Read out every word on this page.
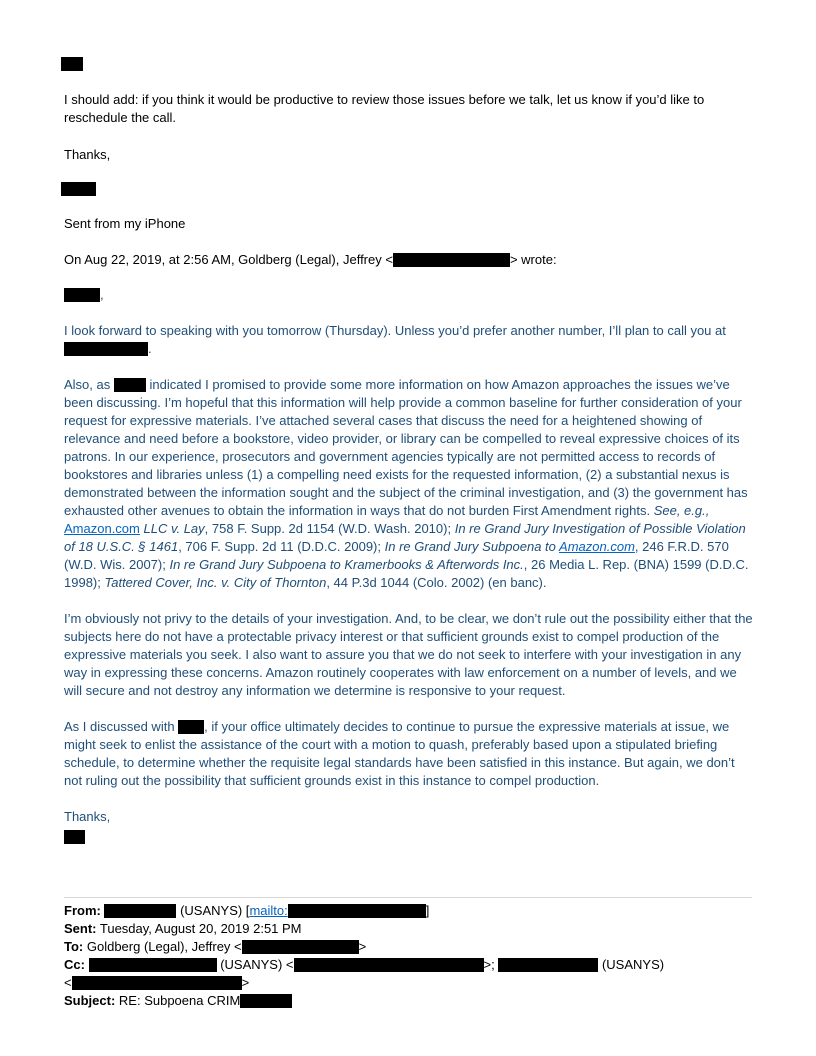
I should add: if you think it would be productive to review those issues before we talk, let us know if you’d like to reschedule the call.

Thanks,

Sent from my iPhone

On Aug 22, 2019, at 2:56 AM, Goldberg (Legal), Jeffrey <	> wrote:

,

I look forward to speaking with you tomorrow (Thursday). Unless you’d prefer another number, I’ll plan to call you at .

Also, as  indicated I promised to provide some more information on how Amazon approaches the issues we’ve been discussing. I’m hopeful that this information will help provide a common baseline for further consideration of your request for expressive materials. I’ve attached several cases that discuss the need for a heightened showing of relevance and need before a bookstore, video provider, or library can be compelled to reveal expressive choices of its patrons. In our experience, prosecutors and government agencies typically are not permitted access to records of bookstores and libraries unless (1) a compelling need exists for the requested information, (2) a substantial nexus is demonstrated between the information sought and the subject of the criminal investigation, and (3) the government has exhausted other avenues to obtain the information in ways that do not burden First Amendment rights. See, e.g., Amazon.com LLC v. Lay, 758 F. Supp. 2d 1154 (W.D. Wash. 2010); In re Grand Jury Investigation of Possible Violation of 18 U.S.C. § 1461, 706 F. Supp. 2d 11 (D.D.C. 2009); In re Grand Jury Subpoena to Amazon.com, 246 F.R.D. 570 (W.D. Wis. 2007); In re Grand Jury Subpoena to Kramerbooks & Afterwords Inc., 26 Media L. Rep. (BNA) 1599 (D.D.C. 1998); Tattered Cover, Inc. v. City of Thornton, 44 P.3d 1044 (Colo. 2002) (en banc).

I’m obviously not privy to the details of your investigation. And, to be clear, we don’t rule out the possibility either that the subjects here do not have a protectable privacy interest or that sufficient grounds exist to compel production of the expressive materials you seek. I also want to assure you that we do not seek to interfere with your investigation in any way in expressing these concerns. Amazon routinely cooperates with law enforcement on a number of levels, and we will secure and not destroy any information we determine is responsive to your request.

As I discussed with , if your office ultimately decides to continue to pursue the expressive materials at issue, we might seek to enlist the assistance of the court with a motion to quash, preferably based upon a stipulated briefing schedule, to determine whether the requisite legal standards have been satisfied in this instance. But again, we don’t not ruling out the possibility that sufficient grounds exist in this instance to compel production.

Thanks,

From:	(USANYS) [mailto:	]
Sent: Tuesday, August 20, 2019 2:51 PM
To: Goldberg (Legal), Jeffrey <	>
Cc:	(USANYS) <	>;	(USANYS)
<	>
Subject: RE: Subpoena CRIM
